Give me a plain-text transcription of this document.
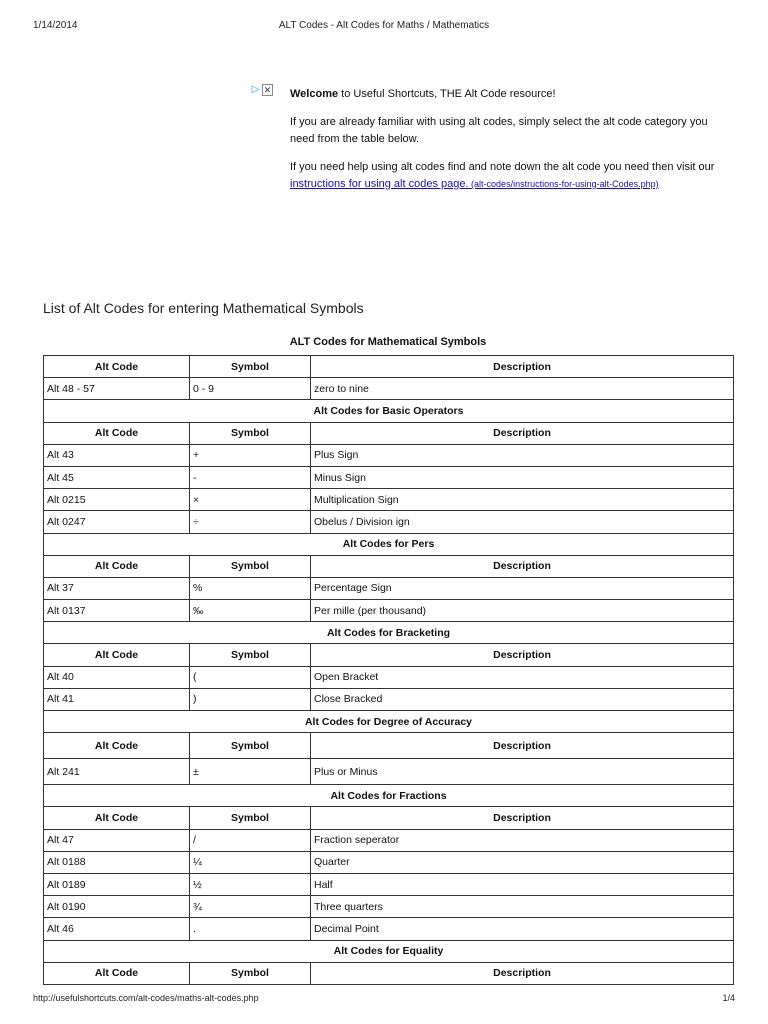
1/14/2014	ALT Codes - Alt Codes for Maths / Mathematics
▷ ✕ Welcome to Useful Shortcuts, THE Alt Code resource!

If you are already familiar with using alt codes, simply select the alt code category you need from the table below.

If you need help using alt codes find and note down the alt code you need then visit our instructions for using alt codes page. (alt-codes/instructions-for-using-alt-Codes.php)

List of Alt Codes for entering Mathematical Symbols
ALT Codes for Mathematical Symbols
Alt Code	Symbol	Description
Alt 48 - 57	0 - 9	zero to nine
Alt Codes for Basic Operators		
Alt Code	Symbol	Description
Alt 43	+	Plus Sign
Alt 45	-	Minus Sign
Alt 0215	×	Multiplication Sign
Alt 0247	÷	Obelus / Division ign
Alt Codes for Pers		
Alt Code	Symbol	Description
Alt 37	%	Percentage Sign
Alt 0137	‰	Per mille (per thousand)
Alt Codes for Bracketing		
Alt Code	Symbol	Description
Alt 40	(	Open Bracket
Alt 41	)	Close Bracked
Alt Codes for Degree of Accuracy		
Alt Code	Symbol	Description
Alt 241	±	Plus or Minus
Alt Codes for Fractions		
Alt Code	Symbol	Description
Alt 47	/	Fraction seperator
Alt 0188	¼	Quarter
Alt 0189	½	Half
Alt 0190	¾	Three quarters
Alt 46	.	Decimal Point
Alt Codes for Equality		
Alt Code	Symbol	Description
http://usefulshortcuts.com/alt-codes/maths-alt-codes.php	1/4
